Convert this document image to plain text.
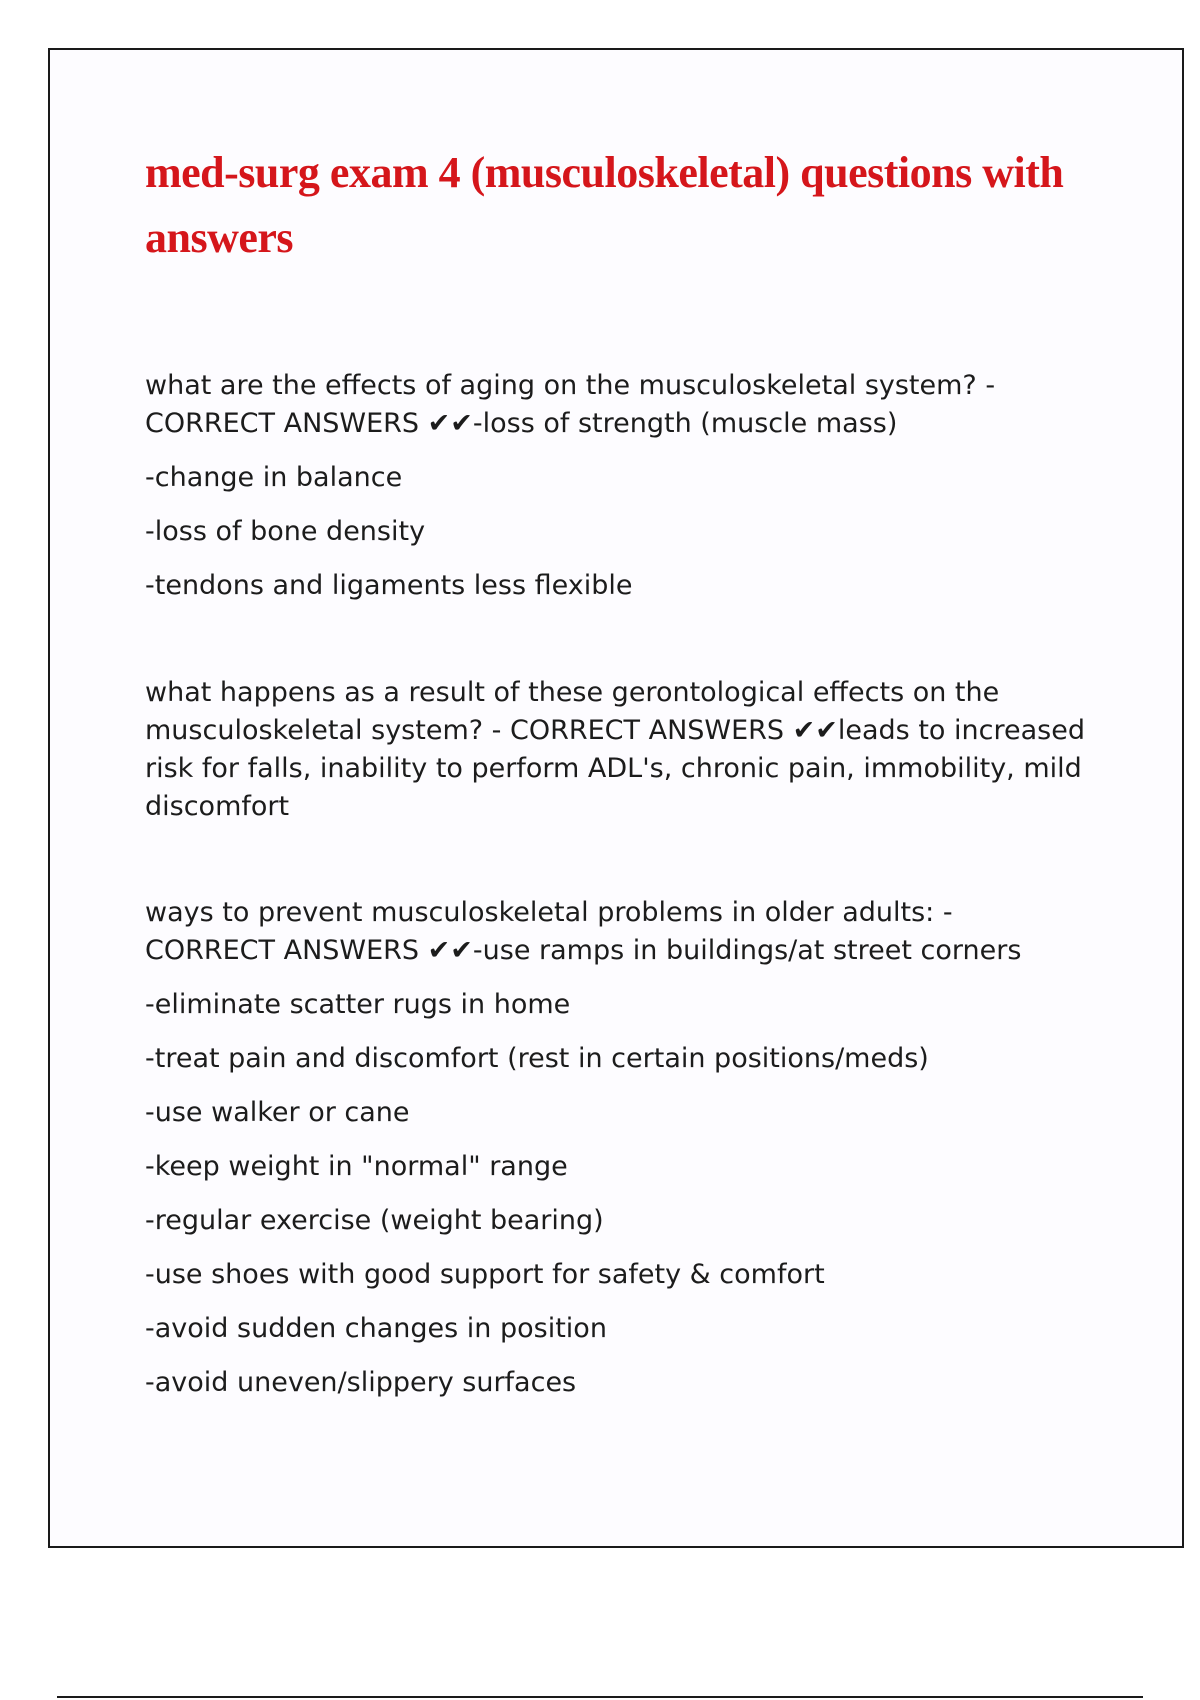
med-surg exam 4 (musculoskeletal) questions with answers

what are the effects of aging on the musculoskeletal system? - CORRECT ANSWERS ✔✔-loss of strength (muscle mass)

-change in balance

-loss of bone density

-tendons and ligaments less flexible

what happens as a result of these gerontological effects on the musculoskeletal system? - CORRECT ANSWERS ✔✔leads to increased risk for falls, inability to perform ADL's, chronic pain, immobility, mild discomfort

ways to prevent musculoskeletal problems in older adults: - CORRECT ANSWERS ✔✔-use ramps in buildings/at street corners

-eliminate scatter rugs in home

-treat pain and discomfort (rest in certain positions/meds)

-use walker or cane

-keep weight in "normal" range

-regular exercise (weight bearing)

-use shoes with good support for safety & comfort

-avoid sudden changes in position

-avoid uneven/slippery surfaces
